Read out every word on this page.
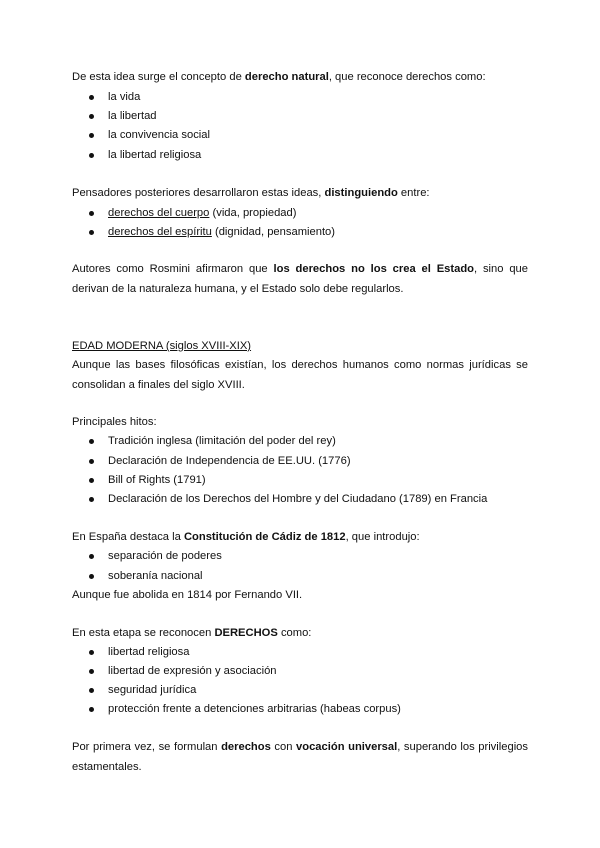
De esta idea surge el concepto de derecho natural, que reconoce derechos como:

la vida
la libertad
la convivencia social
la libertad religiosa

Pensadores posteriores desarrollaron estas ideas, distinguiendo entre:

derechos del cuerpo (vida, propiedad)
derechos del espíritu (dignidad, pensamiento)

Autores como Rosmini afirmaron que los derechos no los crea el Estado, sino que derivan de la naturaleza humana, y el Estado solo debe regularlos.

EDAD MODERNA (siglos XVIII-XIX)

Aunque las bases filosóficas existían, los derechos humanos como normas jurídicas se consolidan a finales del siglo XVIII.

Principales hitos:

Tradición inglesa (limitación del poder del rey)
Declaración de Independencia de EE.UU. (1776)
Bill of Rights (1791)
Declaración de los Derechos del Hombre y del Ciudadano (1789) en Francia

En España destaca la Constitución de Cádiz de 1812, que introdujo:

separación de poderes
soberanía nacional

Aunque fue abolida en 1814 por Fernando VII.

En esta etapa se reconocen DERECHOS como:

libertad religiosa
libertad de expresión y asociación
seguridad jurídica
protección frente a detenciones arbitrarias (habeas corpus)

Por primera vez, se formulan derechos con vocación universal, superando los privilegios estamentales.
